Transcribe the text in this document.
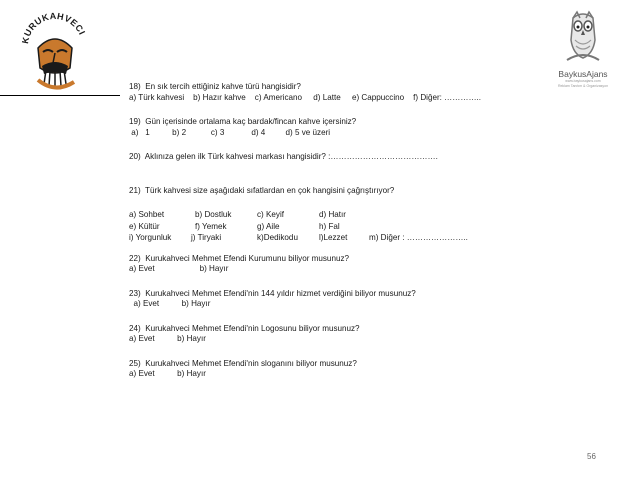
KURUKAHVECI
BaykusAjans
www.baykusajans.com
Reklam Tanıtım & Organizasyon
18)  En sık tercih ettiğiniz kahve türü hangisidir?
a) Türk kahvesi    b) Hazır kahve    c) Americano     d) Latte     e) Cappuccino    f) Diğer: …………..
19)  Gün içerisinde ortalama kaç bardak/fincan kahve içersiniz?
a)   1          b) 2           c) 3            d) 4         d) 5 ve üzeri
20)  Aklınıza gelen ilk Türk kahvesi markası hangisidir? :………………………………….
21)  Türk kahvesi size aşağıdaki sıfatlardan en çok hangisini çağrıştırıyor?
a) Sohbet	b) Dostluk	c) Keyif	d) Hatır
e) Kültür	f) Yemek	g) Aile	h) Fal
i) Yorgunluk j) Tiryaki	k)Dedikodu	l)Lezzet	m) Diğer : …………………..
22)  Kurukahveci Mehmet Efendi Kurumunu biliyor musunuz?
a) Evet                    b) Hayır
23)  Kurukahveci Mehmet Efendi'nin 144 yıldır hizmet verdiğini biliyor musunuz?
a) Evet          b) Hayır
24)  Kurukahveci Mehmet Efendi'nin Logosunu biliyor musunuz?
a) Evet          b) Hayır
25)  Kurukahveci Mehmet Efendi'nin sloganını biliyor musunuz?
a) Evet          b) Hayır
56
